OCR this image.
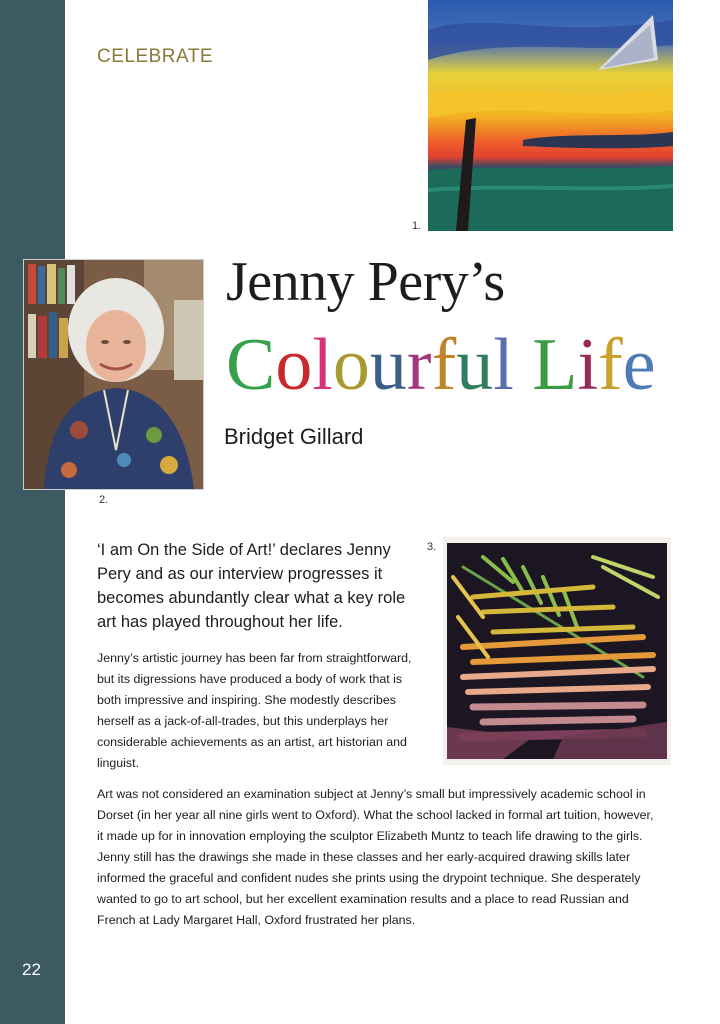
22
CELEBRATE
1.
2.
Jenny Pery’s
Colourful Life
Bridget Gillard
3.

‘I am On the Side of Art!’ declares Jenny Pery and as our interview progresses it becomes abundantly clear what a key role art has played throughout her life.

Jenny’s artistic journey has been far from straightforward, but its digressions have produced a body of work that is both impressive and inspiring. She modestly describes herself as a jack-of-all-trades, but this underplays her considerable achievements as an artist, art historian and linguist.

Art was not considered an examination subject at Jenny’s small but impressively academic school in Dorset (in her year all nine girls went to Oxford). What the school lacked in formal art tuition, however, it made up for in innovation employing the sculptor Elizabeth Muntz to teach life drawing to the girls. Jenny still has the drawings she made in these classes and her early-acquired drawing skills later informed the graceful and confident nudes she prints using the drypoint technique. She desperately wanted to go to art school, but her excellent examination results and a place to read Russian and French at Lady Margaret Hall, Oxford frustrated her plans.
